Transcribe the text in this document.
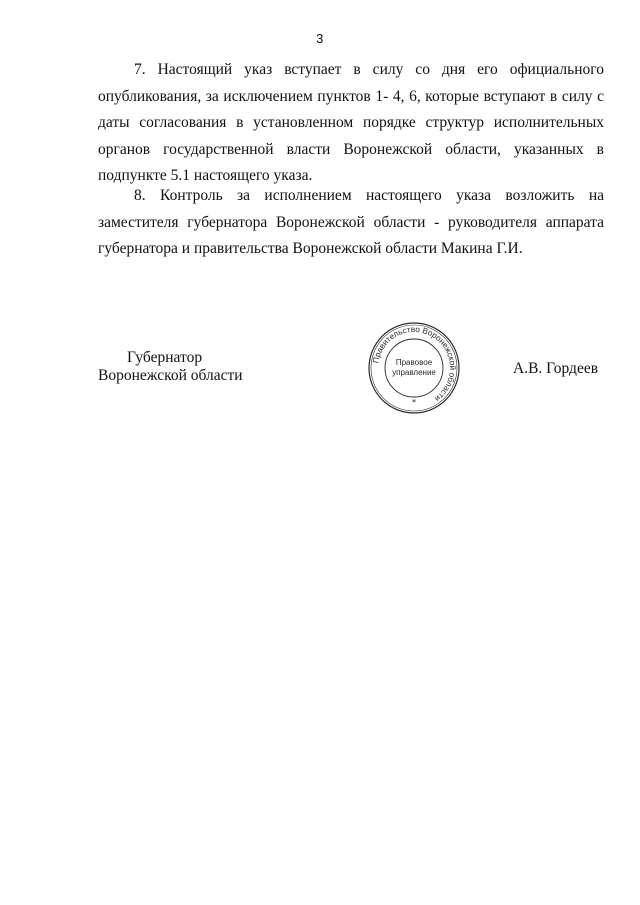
3

7. Настоящий указ вступает в силу со дня его официального опубликования, за исключением пунктов 1- 4, 6, которые вступают в силу с даты согласования в установленном порядке структур исполнительных органов государственной власти Воронежской области, указанных в подпункте 5.1 настоящего указа.

8. Контроль за исполнением настоящего указа возложить на заместителя губернатора Воронежской области - руководителя аппарата губернатора и правительства Воронежской области Макина Г.И.

Губернатор
Воронежской области
Правительство Воронежской области
Правовое
управление
*
А.В. Гордеев
